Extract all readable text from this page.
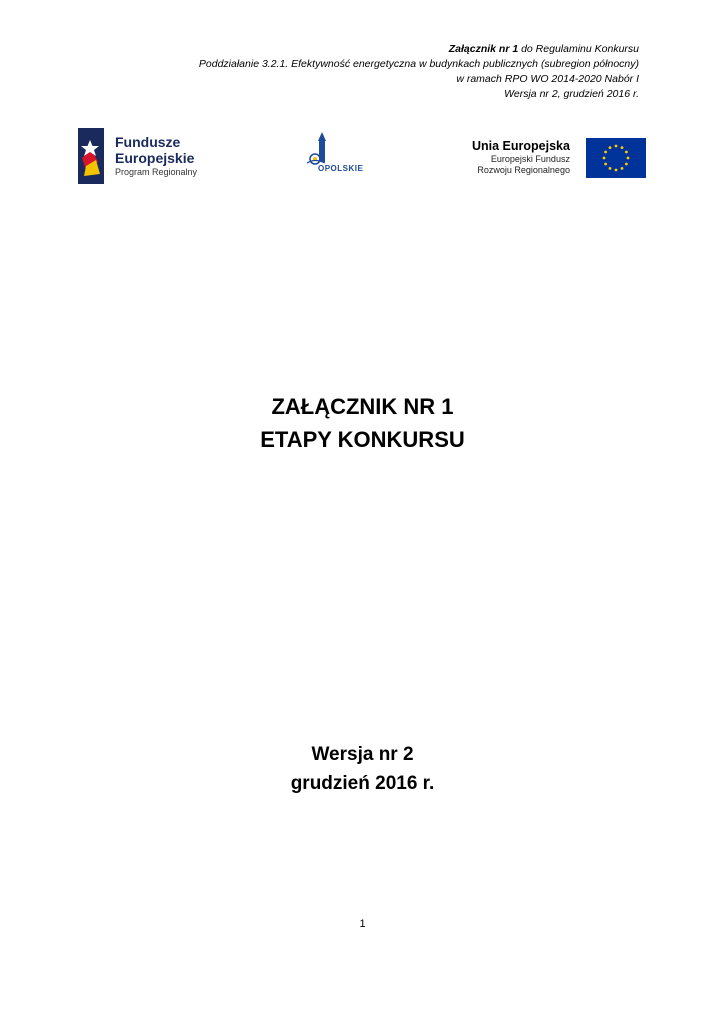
Załącznik nr 1 do Regulaminu Konkursu
Poddziałanie 3.2.1. Efektywność energetyczna w budynkach publicznych (subregion północny)
w ramach RPO WO 2014-2020 Nabór I
Wersja nr 2, grudzień 2016 r.
Fundusze
Europejskie
Program Regionalny	OPOLSKIE
Unia Europejska
Europejski Fundusz
Rozwoju Regionalnego
ZAŁĄCZNIK NR 1
ETAPY KONKURSU
Wersja nr 2
grudzień 2016 r.
1
